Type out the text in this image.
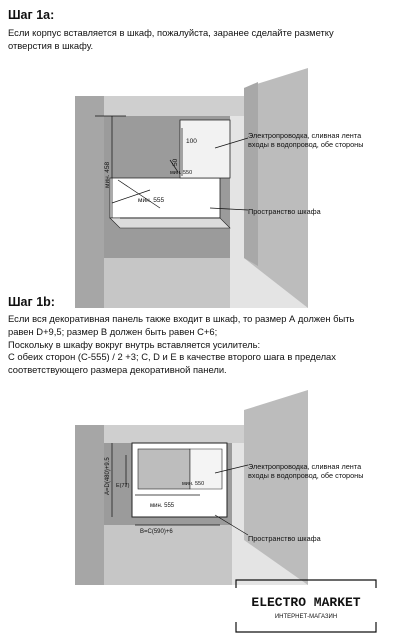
Шаг 1a:
Если корпус вставляется в шкаф, пожалуйста, заранее сделайте разметку
отверстия в шкафу.
мин. 458
100
50
мин. 550
мин. 555
Электропроводка, сливная лента входы в водопровод, обе стороны
Пространство шкафа
Шаг 1b:
Если вся декоративная панель также входит в шкаф, то размер А должен быть
равен D+9,5; размер В должен быть равен С+6;
Поскольку в шкафу вокруг внутрь вставляется усилитель:
С обеих сторон (С-555) / 2 +3; С, D и E в качестве второго шага в пределах
соответствующего размера декоративной панели.
A=D(480)+9.5 E(77)	мин. 550
мин. 555
B=C(590)+6
Электропроводка, сливная лента входы в водопровод, обе стороны
Пространство шкафа
ELECTRO MARKET
ИНТЕРНЕТ-МАГАЗИН
